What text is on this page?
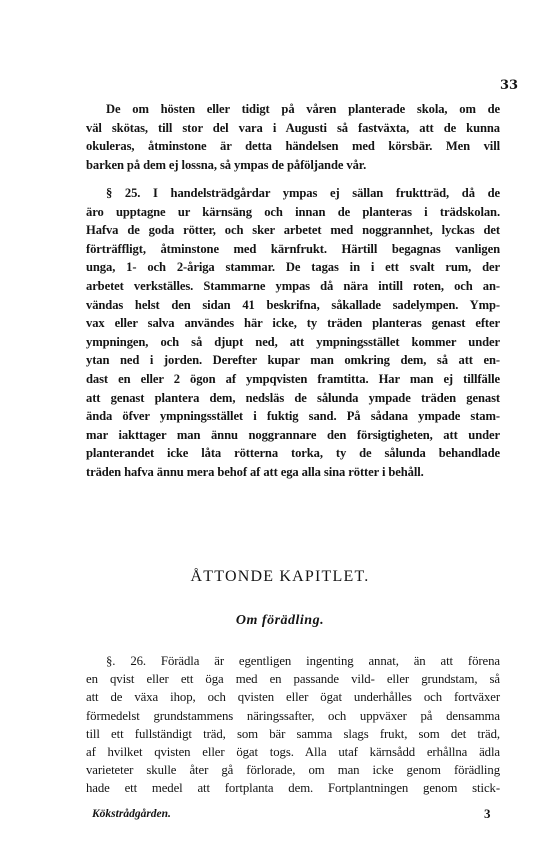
33

De om hösten eller tidigt på våren planterade skola, om de
väl skötas, till stor del vara i Augusti så fastväxta, att de kunna
okuleras, åtminstone är detta händelsen med körsbär. Men vill
barken på dem ej lossna, så ympas de påföljande vår.

§ 25. I handelsträdgårdar ympas ej sällan fruktträd, då de
äro upptagne ur kärnsäng och innan de planteras i trädskolan.
Hafva de goda rötter, och sker arbetet med noggrannhet, lyckas det
förträffligt, åtminstone med kärnfrukt. Härtill begagnas vanligen
unga, 1- och 2-åriga stammar. De tagas in i ett svalt rum, der
arbetet verkställes. Stammarne ympas då nära intill roten, och an-
vändas helst den sidan 41 beskrifna, såkallade sadelympen. Ymp-
vax eller salva användes här icke, ty träden planteras genast efter
ympningen, och så djupt ned, att ympningsstället kommer under
ytan ned i jorden. Derefter kupar man omkring dem, så att en-
dast en eller 2 ögon af ympqvisten framtitta. Har man ej tillfälle
att genast plantera dem, nedsläs de sålunda ympade träden genast
ända öfver ympningsstället i fuktig sand. På sådana ympade stam-
mar iakttager man ännu noggrannare den försigtigheten, att under
planterandet icke låta rötterna torka, ty de sålunda behandlade
träden hafva ännu mera behof af att ega alla sina rötter i behåll.

ÅTTONDE KAPITLET.
Om förädling.

§. 26. Förädla är egentligen ingenting annat, än att förena
en qvist eller ett öga med en passande vild- eller grundstam, så
att de växa ihop, och qvisten eller ögat underhålles och fortväxer
förmedelst grundstammens näringssafter, och uppväxer på densamma
till ett fullständigt träd, som bär samma slags frukt, som det träd,
af hvilket qvisten eller ögat togs. Alla utaf kärnsådd erhållna ädla
varieteter skulle åter gå förlorade, om man icke genom förädling
hade ett medel att fortplanta dem. Fortplantningen genom stick-

Kökstrådgården.	3
